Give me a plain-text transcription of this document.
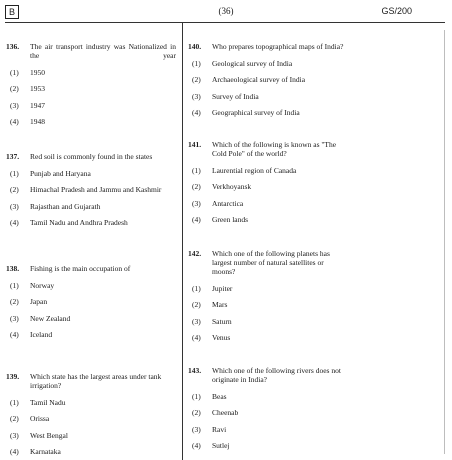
B	(36)	GS/200
136.	The air transport industry was Nationalized in the year
(1)	1950
(2)	1953
(3)	1947
(4)	1948
137.	Red soil is commonly found in the states
(1)	Punjab and Haryana
(2)	Himachal Pradesh and Jammu and Kashmir
(3)	Rajasthan and Gujarath
(4)	Tamil Nadu and Andhra Pradesh
138.	Fishing is the main occupation of
(1)	Norway
(2)	Japan
(3)	New Zealand
(4)	Iceland
139.	Which state has the largest areas under tank irrigation?
(1)	Tamil Nadu
(2)	Orissa
(3)	West Bengal
(4)	Karnataka
140.	Who prepares topographical maps of India?
(1)	Geological survey of India
(2)	Archaeological survey of India
(3)	Survey of India
(4)	Geographical survey of India
141.	Which of the following is known as "The Cold Pole" of the world?
(1)	Laurential region of Canada
(2)	Verkhoyansk
(3)	Antarctica
(4)	Green lands
142.	Which one of the following planets has largest number of natural satellites or moons?
(1)	Jupiter
(2)	Mars
(3)	Saturn
(4)	Venus
143.	Which one of the following rivers does not originate in India?
(1)	Beas
(2)	Cheenab
(3)	Ravi
(4)	Sutlej
